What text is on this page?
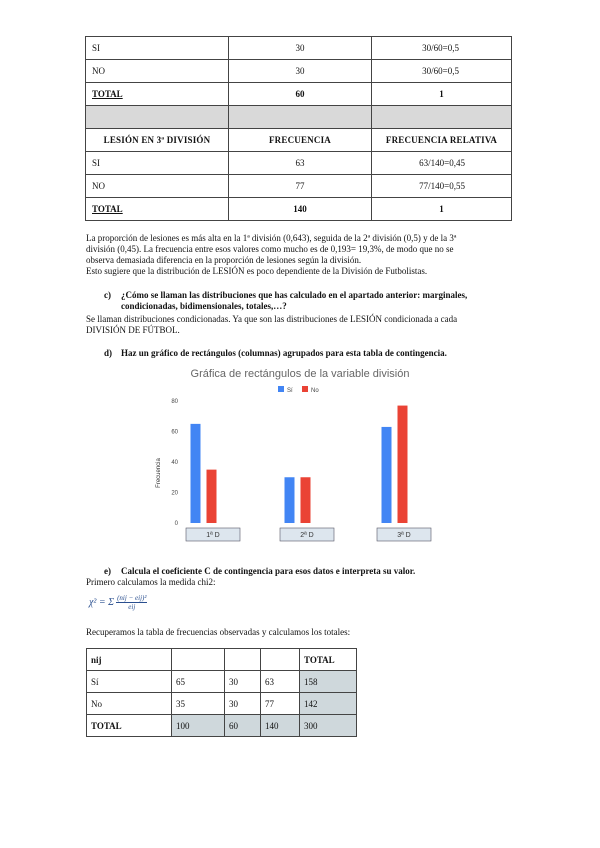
SI	30	30/60=0,5
NO	30	30/60=0,5
TOTAL	60	1

LESIÓN EN 3ª DIVISIÓN	FRECUENCIA	FRECUENCIA RELATIVA
SI	63	63/140=0,45
NO	77	77/140=0,55
TOTAL	140	1
La proporción de lesiones es más alta en la 1ª división (0,643), seguida de la 2ª división (0,5) y de la 3ª
división (0,45). La frecuencia entre esos valores como mucho es de 0,193= 19,3%, de modo que no se
observa demasiada diferencia en la proporción de lesiones según la división.
Esto sugiere que la distribución de LESIÓN es poco dependiente de la División de Futbolistas.
c) ¿Cómo se llaman las distribuciones que has calculado en el apartado anterior: marginales,
condicionadas, bidimensionales, totales,…?
Se llaman distribuciones condicionadas. Ya que son las distribuciones de LESIÓN condicionada a cada
DIVISIÓN DE FÚTBOL.
d) Haz un gráfico de rectángulos (columnas) agrupados para esta tabla de contingencia.
Gráfica de rectángulos de la variable división
Sí	No
Frecuencia
0
20
40
60
80
1ª D	2ª D	3ª D
e) Calcula el coeficiente C de contingencia para esos datos e interpreta su valor.
Primero calculamos la medida chi2:
χ² = Σ (nij − eij)²
eij
Recuperamos la tabla de frecuencias observadas y calculamos los totales:
nij				TOTAL
Sí	65	30	63	158
No	35	30	77	142
TOTAL	100	60	140	300
